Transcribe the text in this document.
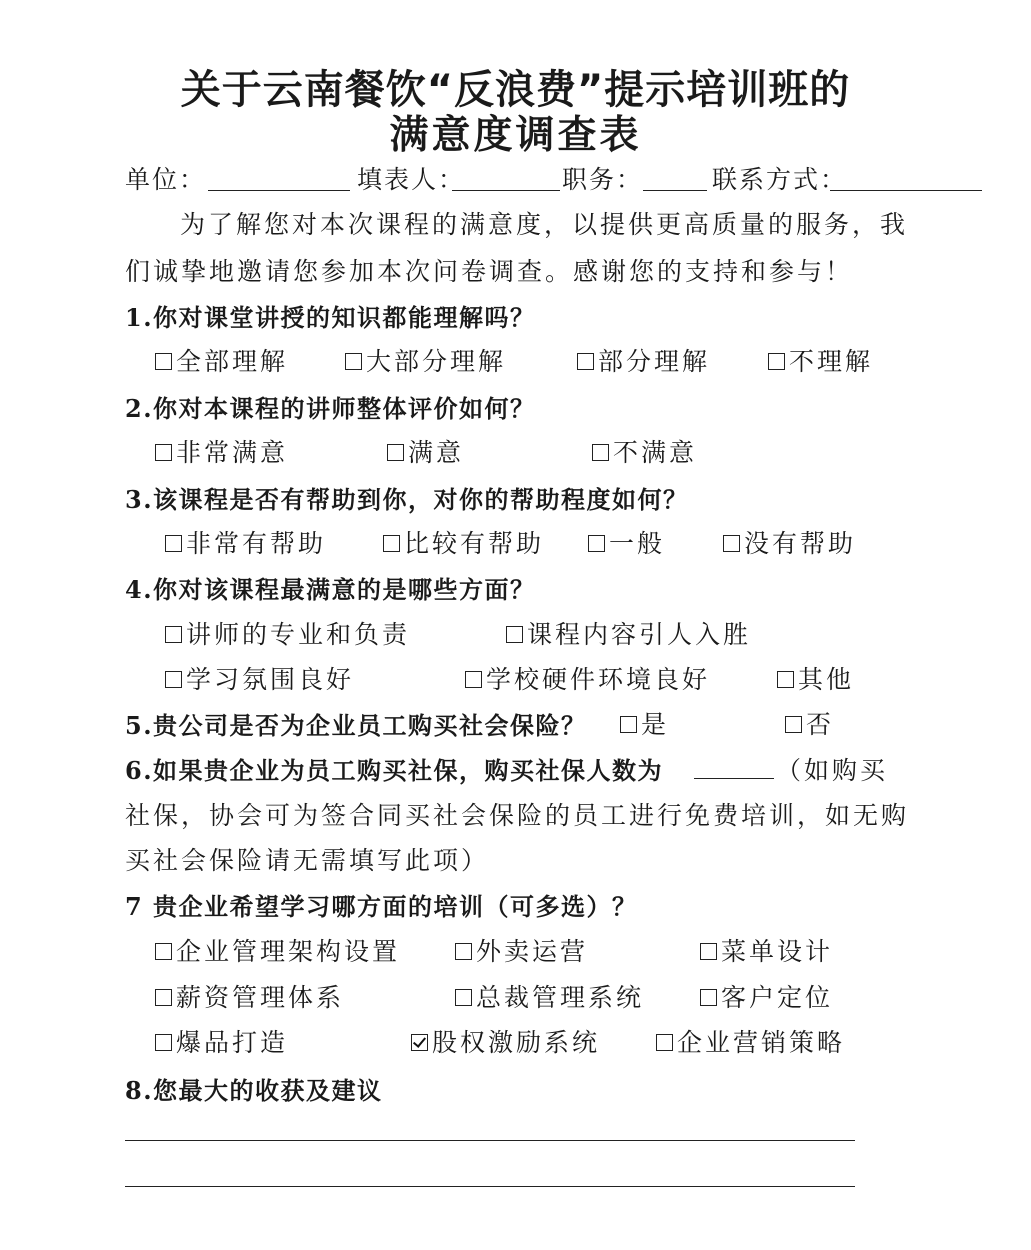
关于云南餐饮“反浪费”提示培训班的
满意度调查表
单位：	填表人：	职务：	联系方式：
为了解您对本次课程的满意度，以提供更高质量的服务，我
们诚挚地邀请您参加本次问卷调查。感谢您的支持和参与！
1.你对课堂讲授的知识都能理解吗？
全部理解	大部分理解	部分理解	不理解
2.你对本课程的讲师整体评价如何？
非常满意	满意	不满意
3.该课程是否有帮助到你，对你的帮助程度如何？
非常有帮助	比较有帮助	一般	没有帮助
4.你对该课程最满意的是哪些方面？
讲师的专业和负责	课程内容引人入胜
学习氛围良好	学校硬件环境良好	其他
5.贵公司是否为企业员工购买社会保险？ 是	否
6.如果贵企业为员工购买社保，购买社保人数为	（如购买
社保，协会可为签合同买社会保险的员工进行免费培训，如无购
买社会保险请无需填写此项）
7 贵企业希望学习哪方面的培训（可多选）？
企业管理架构设置	外卖运营	菜单设计
薪资管理体系	总裁管理系统	客户定位
爆品打造	股权激励系统	企业营销策略
8.您最大的收获及建议
